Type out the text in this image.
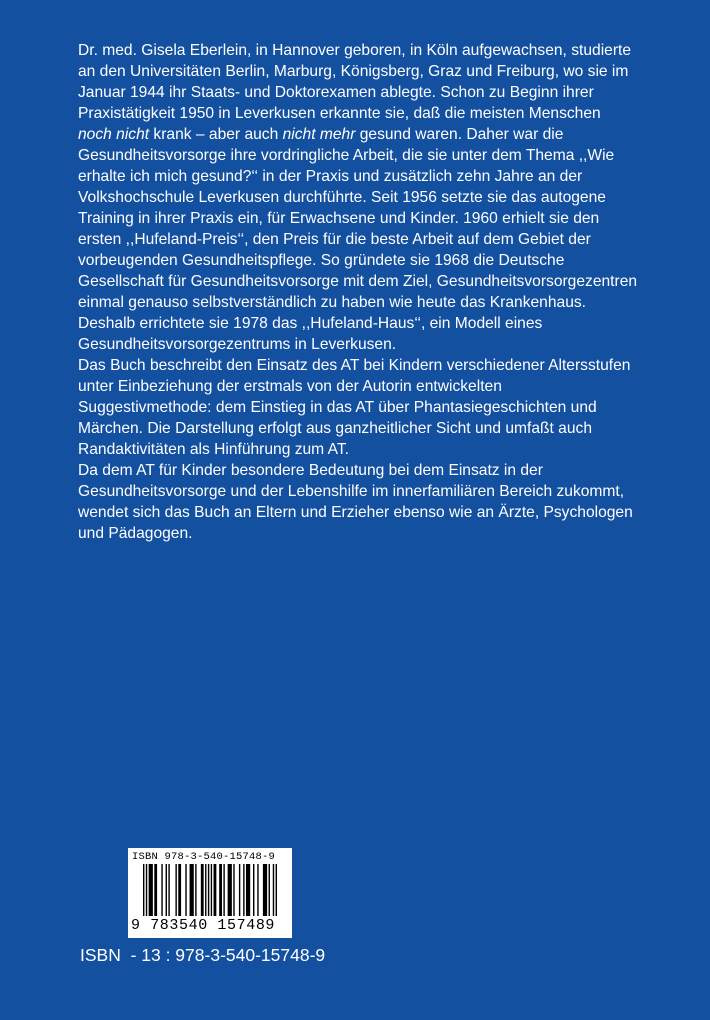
Dr. med. Gisela Eberlein, in Hannover geboren, in Köln aufgewachsen, studierte an den Universitäten Berlin, Marburg, Königsberg, Graz und Freiburg, wo sie im Januar 1944 ihr Staats- und Doktorexamen ablegte. Schon zu Beginn ihrer Praxistätigkeit 1950 in Leverkusen erkannte sie, daß die meisten Menschen noch nicht krank – aber auch nicht mehr gesund waren. Daher war die Gesundheitsvorsorge ihre vordringliche Arbeit, die sie unter dem Thema ,,Wie erhalte ich mich gesund?‘‘ in der Praxis und zusätzlich zehn Jahre an der Volkshochschule Leverkusen durchführte. Seit 1956 setzte sie das autogene Training in ihrer Praxis ein, für Erwachsene und Kinder. 1960 erhielt sie den ersten ,,Hufeland-Preis‘‘, den Preis für die beste Arbeit auf dem Gebiet der vorbeugenden Gesundheitspflege. So gründete sie 1968 die Deutsche Gesellschaft für Gesundheitsvorsorge mit dem Ziel, Gesundheitsvorsorgezentren einmal genauso selbstverständlich zu haben wie heute das Krankenhaus. Deshalb errichtete sie 1978 das ,,Hufeland-Haus‘‘, ein Modell eines Gesundheitsvorsorgezentrums in Leverkusen.

Das Buch beschreibt den Einsatz des AT bei Kindern verschiedener Altersstufen unter Einbeziehung der erstmals von der Autorin entwickelten Suggestivmethode: dem Einstieg in das AT über Phantasiegeschichten und Märchen. Die Darstellung erfolgt aus ganzheitlicher Sicht und umfaßt auch Randaktivitäten als Hinführung zum AT.

Da dem AT für Kinder besondere Bedeutung bei dem Einsatz in der Gesundheitsvorsorge und der Lebenshilfe im innerfamiliären Bereich zukommt, wendet sich das Buch an Eltern und Erzieher ebenso wie an Ärzte, Psychologen und Pädagogen.

ISBN 978-3-540-15748-9
9 783540 157489
ISBN  - 13 : 978-3-540-15748-9
